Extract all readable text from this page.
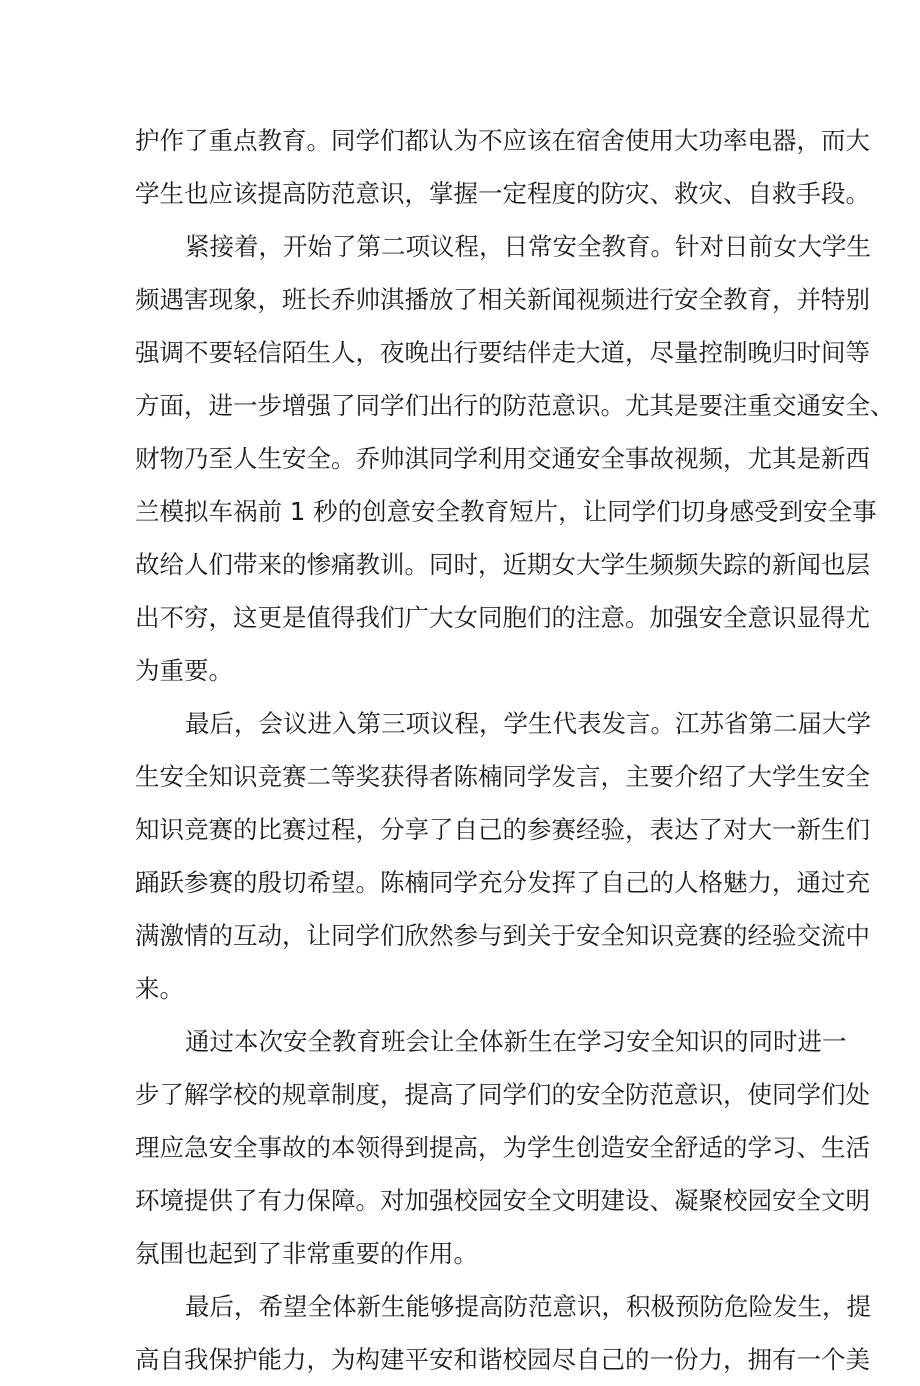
护作了重点教育。同学们都认为不应该在宿舍使用大功率电器，而大
学生也应该提高防范意识，掌握一定程度的防灾、救灾、自救手段。
紧接着，开始了第二项议程，日常安全教育。针对日前女大学生
频遇害现象，班长乔帅淇播放了相关新闻视频进行安全教育，并特别
强调不要轻信陌生人，夜晚出行要结伴走大道，尽量控制晚归时间等
方面，进一步增强了同学们出行的防范意识。尤其是要注重交通安全、
财物乃至人生安全。乔帅淇同学利用交通安全事故视频，尤其是新西
兰模拟车祸前 1 秒的创意安全教育短片，让同学们切身感受到安全事
故给人们带来的惨痛教训。同时，近期女大学生频频失踪的新闻也层
出不穷，这更是值得我们广大女同胞们的注意。加强安全意识显得尤
为重要。
最后，会议进入第三项议程，学生代表发言。江苏省第二届大学
生安全知识竞赛二等奖获得者陈楠同学发言，主要介绍了大学生安全
知识竞赛的比赛过程，分享了自己的参赛经验，表达了对大一新生们
踊跃参赛的殷切希望。陈楠同学充分发挥了自己的人格魅力，通过充
满激情的互动，让同学们欣然参与到关于安全知识竞赛的经验交流中
来。
通过本次安全教育班会让全体新生在学习安全知识的同时进一
步了解学校的规章制度，提高了同学们的安全防范意识，使同学们处
理应急安全事故的本领得到提高，为学生创造安全舒适的学习、生活
环境提供了有力保障。对加强校园安全文明建设、凝聚校园安全文明
氛围也起到了非常重要的作用。
最后，希望全体新生能够提高防范意识，积极预防危险发生，提
高自我保护能力，为构建平安和谐校园尽自己的一份力，拥有一个美
